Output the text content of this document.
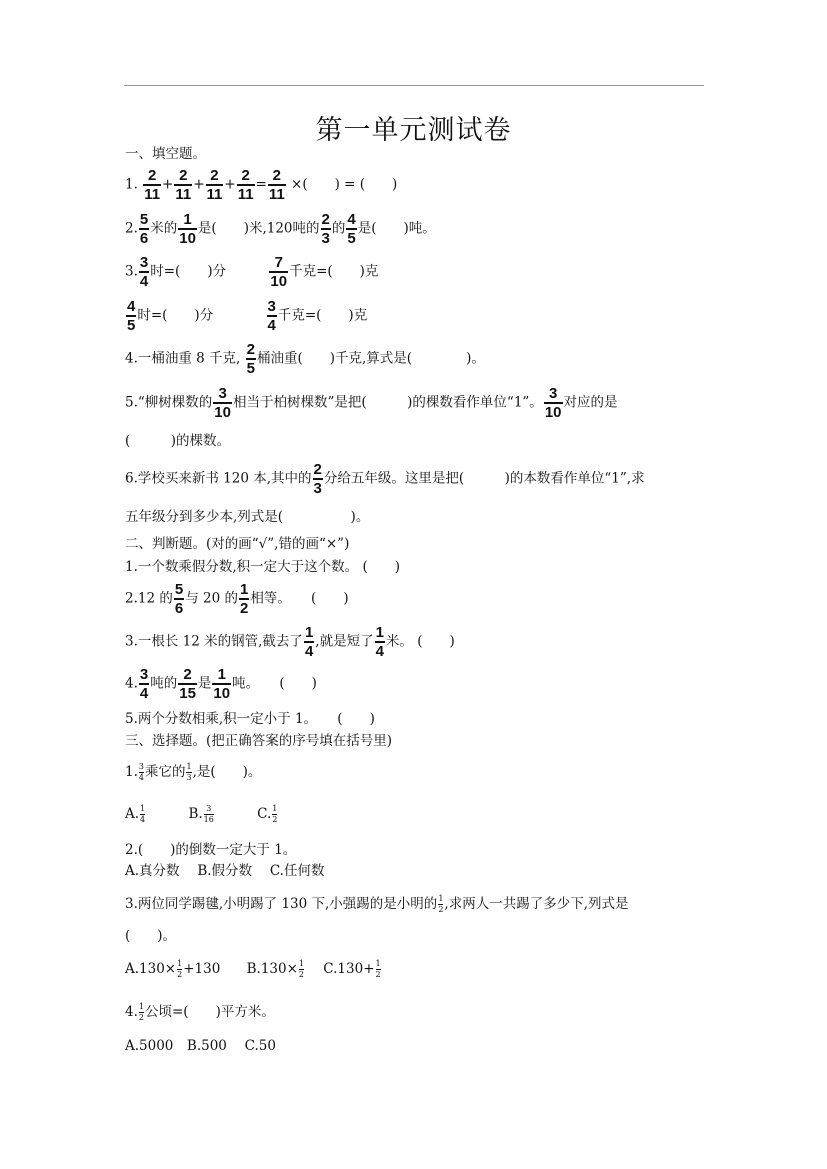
第一单元测试卷
一、填空题。
1. $\frac{2}{11} + \frac{2}{11} + \frac{2}{11} + \frac{2}{11} = \frac{2}{11}$ ×(　　) = (　　)
2. $\frac{5}{6}$ 米的 $\frac{1}{10}$ 是(　　)米,120吨的 $\frac{2}{3}$ 的 $\frac{4}{5}$ 是(　　)吨。
3. $\frac{3}{4}$ 时=(　　)分	$\frac{7}{10}$ 千克=(　　)克
$\frac{4}{5}$ 时=(　　)分	$\frac{3}{4}$ 千克=(　　)克
4.一桶油重 8 千克, $\frac{2}{5}$ 桶油重(　　)千克,算式是(　　　　)。
5.“柳树棵数的 $\frac{3}{10}$ 相当于柏树棵数”是把(　　　)的棵数看作单位“1”。 $\frac{3}{10}$ 对应的是
(　　　)的棵数。
6.学校买来新书 120 本,其中的 $\frac{2}{3}$ 分给五年级。这里是把(　　　)的本数看作单位“1”,求
五年级分到多少本,列式是(　　　　　)。
二、判断题。(对的画“√”,错的画“×”)
1.一个数乘假分数,积一定大于这个数。 (　　)
2.12 的 $\frac{5}{6}$ 与 20 的 $\frac{1}{2}$ 相等。　　(　　)
3.一根长 12 米的钢管,截去了 $\frac{1}{4}$ ,就是短了 $\frac{1}{4}$ 米。 (　　)
4. $\frac{3}{4}$ 吨的 $\frac{2}{15}$ 是 $\frac{1}{10}$ 吨。　　(　　)
5.两个分数相乘,积一定小于 1。　　(　　)
三、选择题。(把正确答案的序号填在括号里)
1. $\frac{3}{4}$ 乘它的 $\frac{1}{3}$ ,是(　　)。
A. $\frac{1}{4}$	B. $\frac{3}{16}$	C. $\frac{1}{2}$
2.(　　)的倒数一定大于 1。
A.真分数　 B.假分数　 C.任何数
3.两位同学踢毽,小明踢了 130 下,小强踢的是小明的 $\frac{1}{2}$ ,求两人一共踢了多少下,列式是
(　　)。
$A.130\times \frac{1}{2} +130$ $B.130\times \frac{1}{2} C.130+ \frac{1}{2}$
4. $\frac{1}{2}$ 公顷=(　　)平方米。
A.5000　B.500　 C.50
